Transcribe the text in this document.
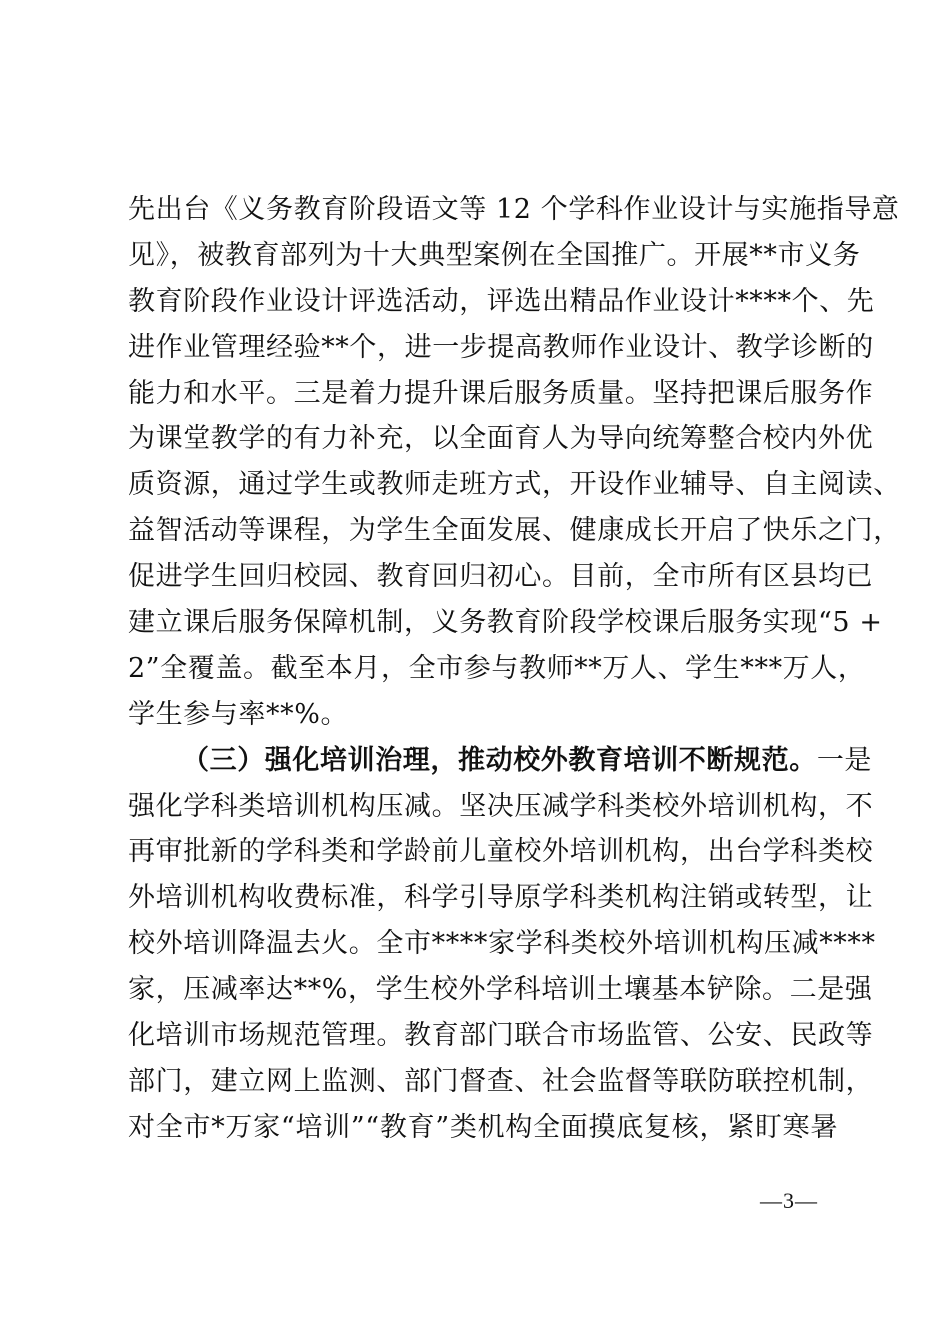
先出台《义务教育阶段语文等 12 个学科作业设计与实施指导意
见》，被教育部列为十大典型案例在全国推广。开展**市义务
教育阶段作业设计评选活动，评选出精品作业设计****个、先
进作业管理经验**个，进一步提高教师作业设计、教学诊断的
能力和水平。三是着力提升课后服务质量。坚持把课后服务作
为课堂教学的有力补充，以全面育人为导向统筹整合校内外优
质资源，通过学生或教师走班方式，开设作业辅导、自主阅读、
益智活动等课程，为学生全面发展、健康成长开启了快乐之门，
促进学生回归校园、教育回归初心。目前，全市所有区县均已
建立课后服务保障机制，义务教育阶段学校课后服务实现“5 +
2”全覆盖。截至本月，全市参与教师**万人、学生***万人，
学生参与率**%。
（三）强化培训治理，推动校外教育培训不断规范。一是
强化学科类培训机构压减。坚决压减学科类校外培训机构，不
再审批新的学科类和学龄前儿童校外培训机构，出台学科类校
外培训机构收费标准，科学引导原学科类机构注销或转型，让
校外培训降温去火。全市****家学科类校外培训机构压减****
家，压减率达**%，学生校外学科培训土壤基本铲除。二是强
化培训市场规范管理。教育部门联合市场监管、公安、民政等
部门，建立网上监测、部门督查、社会监督等联防联控机制，
对全市*万家“培训”“教育”类机构全面摸底复核，紧盯寒暑
—3—
